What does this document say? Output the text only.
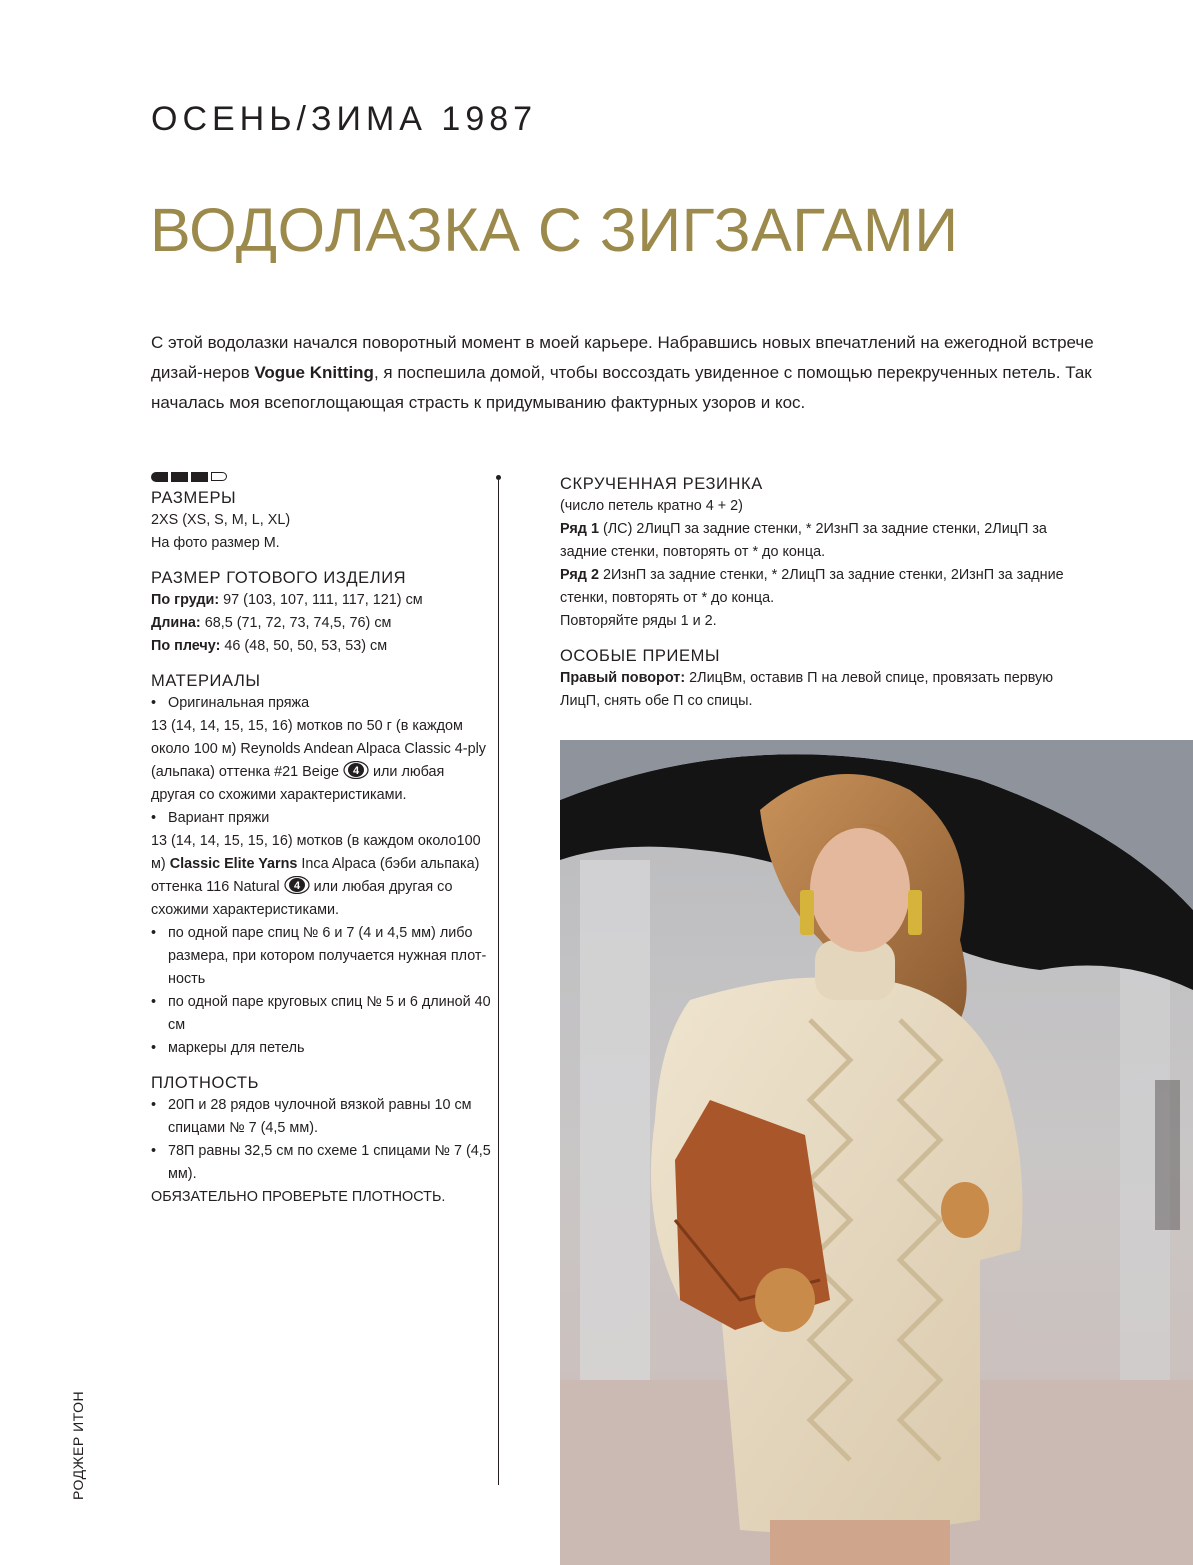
ОСЕНЬ/ЗИМА 1987
ВОДОЛАЗКА С ЗИГЗАГАМИ
С этой водолазки начался поворотный момент в моей карьере. Набравшись новых впечатлений на ежегодной встрече дизай-неров Vogue Knitting, я поспешила домой, чтобы воссоздать увиденное с помощью перекрученных петель. Так началась моя всепоглощающая страсть к придумыванию фактурных узоров и кос.
РАЗМЕРЫ
2XS (XS, S, M, L, XL)
На фото размер M.
РАЗМЕР ГОТОВОГО ИЗДЕЛИЯ
По груди: 97 (103, 107, 111, 117, 121) см
Длина: 68,5 (71, 72, 73, 74,5, 76) см
По плечу: 46 (48, 50, 50, 53, 53) см
МАТЕРИАЛЫ
• Оригинальная пряжа
13 (14, 14, 15, 15, 16) мотков по 50 г (в каждом около 100 м) Reynolds Andean Alpaca Classic 4-ply (альпака) оттенка #21 Beige 4 или любая другая со схожими характеристиками.
• Вариант пряжи
13 (14, 14, 15, 15, 16) мотков (в каждом около100 м) Classic Elite Yarns Inca Alpaca (бэби альпака) оттенка 116 Natural 4 или любая другая со схожими характеристиками.
• по одной паре спиц № 6 и 7 (4 и 4,5 мм) либо размера, при котором получается нужная плот-ность
• по одной паре круговых спиц № 5 и 6 длиной 40 см
• маркеры для петель
ПЛОТНОСТЬ
• 20П и 28 рядов чулочной вязкой равны 10 см спицами № 7 (4,5 мм).
• 78П равны 32,5 см по схеме 1 спицами № 7 (4,5 мм).
ОБЯЗАТЕЛЬНО ПРОВЕРЬТЕ ПЛОТНОСТЬ.
СКРУЧЕННАЯ РЕЗИНКА
(число петель кратно 4 + 2)
Ряд 1 (ЛС) 2ЛицП за задние стенки, * 2ИзнП за задние стенки, 2ЛицП за задние стенки, повторять от * до конца.
Ряд 2 2ИзнП за задние стенки, * 2ЛицП за задние стенки, 2ИзнП за задние стенки, повторять от * до конца.
Повторяйте ряды 1 и 2.
ОСОБЫЕ ПРИЕМЫ
Правый поворот: 2ЛицВм, оставив П на левой спице, провязать первую ЛицП, снять обе П со спицы.
РОДЖЕР ИТОН
